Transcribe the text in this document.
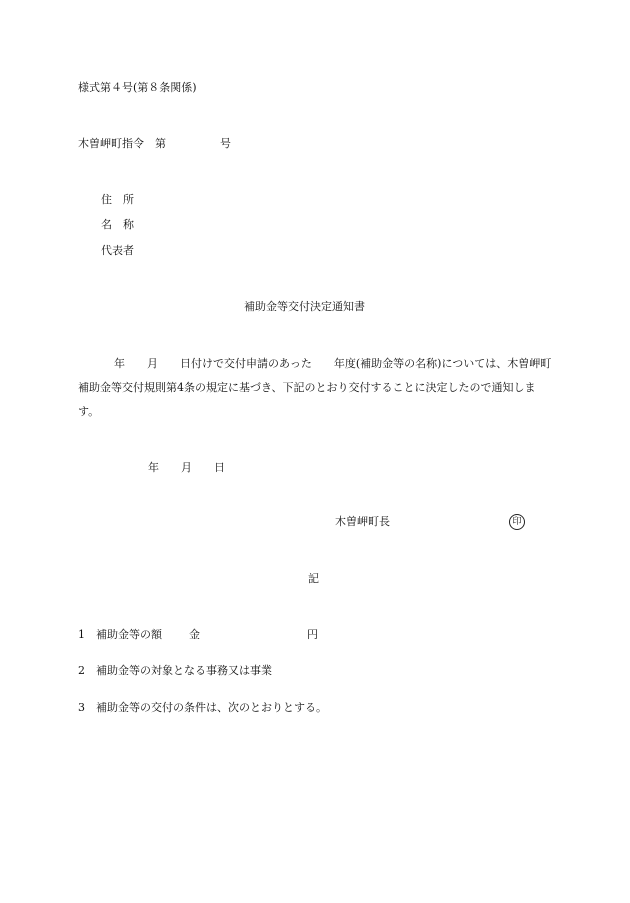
様式第４号(第８条関係)
木曽岬町指令　第	号
住　所
名　称
代表者
補助金等交付決定通知書
年　　月　　日付けで交付申請のあった　　年度(補助金等の名称)については、木曽岬町補助金等交付規則第4条の規定に基づき、下記のとおり交付することに決定したので通知します。
年　　月　　日
木曽岬町長	印
記
1 補助金等の額 金	円
2 補助金等の対象となる事務又は事業
3 補助金等の交付の条件は、次のとおりとする。
